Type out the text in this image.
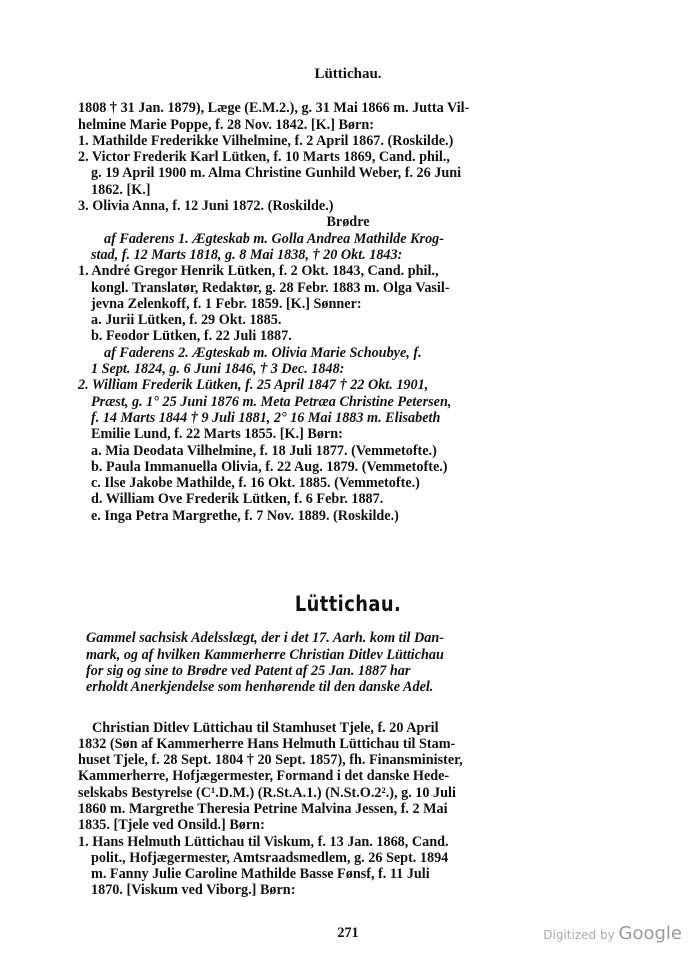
Lüttichau.
1808 † 31 Jan. 1879), Læge (E.M.2.), g. 31 Mai 1866 m. Jutta Vil-
helmine Marie Poppe, f. 28 Nov. 1842. [K.] Børn:
1. Mathilde Frederikke Vilhelmine, f. 2 April 1867. (Roskilde.)
2. Victor Frederik Karl Lütken, f. 10 Marts 1869, Cand. phil.,
g. 19 April 1900 m. Alma Christine Gunhild Weber, f. 26 Juni
1862. [K.]
3. Olivia Anna, f. 12 Juni 1872. (Roskilde.)
Brødre
af Faderens 1. Ægteskab m. Golla Andrea Mathilde Krog-
stad, f. 12 Marts 1818, g. 8 Mai 1838, † 20 Okt. 1843:
1. André Gregor Henrik Lütken, f. 2 Okt. 1843, Cand. phil.,
kongl. Translatør, Redaktør, g. 28 Febr. 1883 m. Olga Vasil-
jevna Zelenkoff, f. 1 Febr. 1859. [K.] Sønner:
a. Jurii Lütken, f. 29 Okt. 1885.
b. Feodor Lütken, f. 22 Juli 1887.
af Faderens 2. Ægteskab m. Olivia Marie Schoubye, f.
1 Sept. 1824, g. 6 Juni 1846, † 3 Dec. 1848:
2. William Frederik Lütken, f. 25 April 1847 † 22 Okt. 1901,
Præst, g. 1° 25 Juni 1876 m. Meta Petræa Christine Petersen,
f. 14 Marts 1844 † 9 Juli 1881, 2° 16 Mai 1883 m. Elisabeth
Emilie Lund, f. 22 Marts 1855. [K.] Børn:
a. Mia Deodata Vilhelmine, f. 18 Juli 1877. (Vemmetofte.)
b. Paula Immanuella Olivia, f. 22 Aug. 1879. (Vemmetofte.)
c. Ilse Jakobe Mathilde, f. 16 Okt. 1885. (Vemmetofte.)
d. William Ove Frederik Lütken, f. 6 Febr. 1887.
e. Inga Petra Margrethe, f. 7 Nov. 1889. (Roskilde.)
Lüttichau.
Gammel sachsisk Adelsslægt, der i det 17. Aarh. kom til Dan-
mark, og af hvilken Kammerherre Christian Ditlev Lüttichau
for sig og sine to Brødre ved Patent af 25 Jan. 1887 har
erholdt Anerkjendelse som henhørende til den danske Adel.
Christian Ditlev Lüttichau til Stamhuset Tjele, f. 20 April
1832 (Søn af Kammerherre Hans Helmuth Lüttichau til Stam-
huset Tjele, f. 28 Sept. 1804 † 20 Sept. 1857), fh. Finansminister,
Kammerherre, Hofjægermester, Formand i det danske Hede-
selskabs Bestyrelse (C¹.D.M.) (R.St.A.1.) (N.St.O.2².), g. 10 Juli
1860 m. Margrethe Theresia Petrine Malvina Jessen, f. 2 Mai
1835. [Tjele ved Onsild.] Børn:
1. Hans Helmuth Lüttichau til Viskum, f. 13 Jan. 1868, Cand.
polit., Hofjægermester, Amtsraadsmedlem, g. 26 Sept. 1894
m. Fanny Julie Caroline Mathilde Basse Fønsf, f. 11 Juli
1870. [Viskum ved Viborg.] Børn:
271	Digitized by Google
